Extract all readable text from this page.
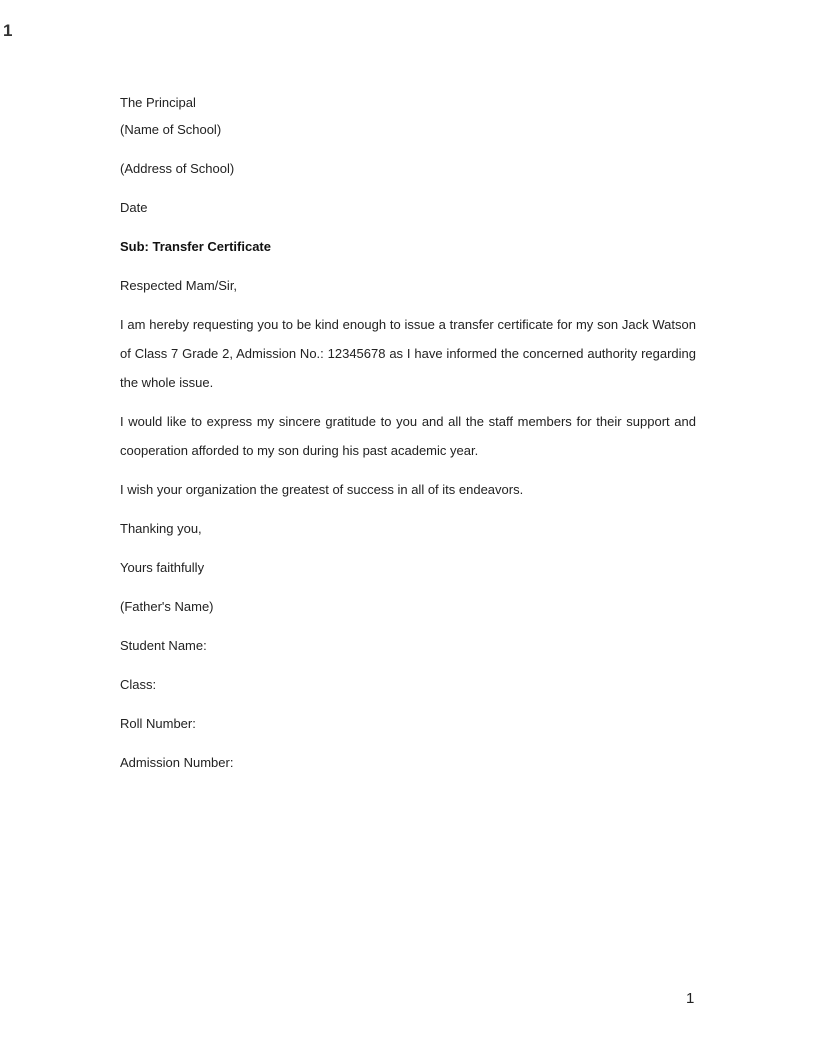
1
The Principal
(Name of School)
(Address of School)
Date
Sub: Transfer Certificate
Respected Mam/Sir,
I am hereby requesting you to be kind enough to issue a transfer certificate for my son Jack Watson of Class 7 Grade 2, Admission No.: 12345678 as I have informed the concerned authority regarding the whole issue.
I would like to express my sincere gratitude to you and all the staff members for their support and cooperation afforded to my son during his past academic year.
I wish your organization the greatest of success in all of its endeavors.
Thanking you,
Yours faithfully
(Father's Name)
Student Name:
Class:
Roll Number:
Admission Number:
1
